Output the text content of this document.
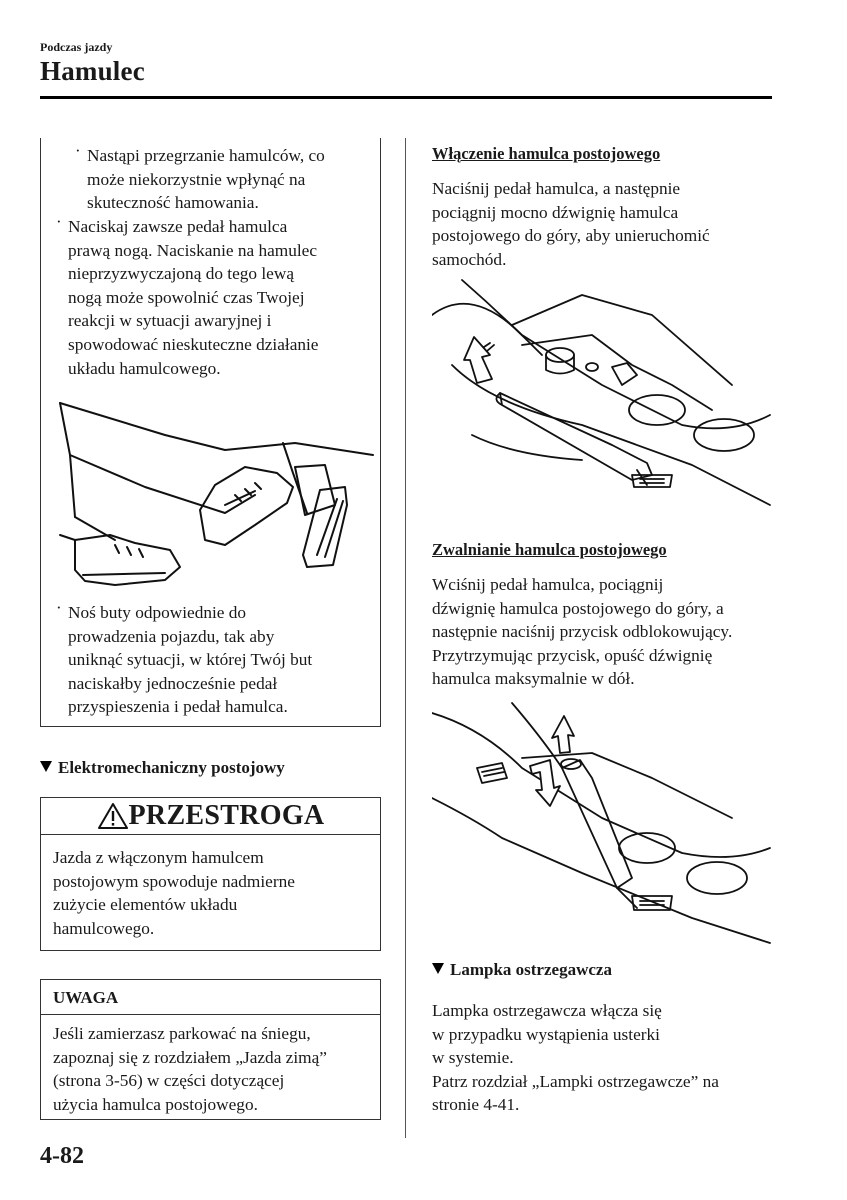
Podczas jazdy
Hamulec
· Nastąpi przegrzanie hamulców, co
może niekorzystnie wpłynąć na
skuteczność hamowania.
· Naciskaj zawsze pedał hamulca
prawą nogą. Naciskanie na hamulec
nieprzyzwyczajoną do tego lewą
nogą może spowolnić czas Twojej
reakcji w sytuacji awaryjnej i
spowodować nieskuteczne działanie
układu hamulcowego.
· Noś buty odpowiednie do
prowadzenia pojazdu, tak aby
uniknąć sytuacji, w której Twój but
naciskałby jednocześnie pedał
przyspieszenia i pedał hamulca.
Elektromechaniczny postojowy
PRZESTROGA
Jazda z włączonym hamulcem
postojowym spowoduje nadmierne
zużycie elementów układu
hamulcowego.
UWAGA
Jeśli zamierzasz parkować na śniegu,
zapoznaj się z rozdziałem „Jazda zimą”
(strona 3-56) w części dotyczącej
użycia hamulca postojowego.
Włączenie hamulca postojowego
Naciśnij pedał hamulca, a następnie
pociągnij mocno dźwignię hamulca
postojowego do góry, aby unieruchomić
samochód.
Zwalnianie hamulca postojowego
Wciśnij pedał hamulca, pociągnij
dźwignię hamulca postojowego do góry, a
następnie naciśnij przycisk odblokowujący.
Przytrzymując przycisk, opuść dźwignię
hamulca maksymalnie w dół.
Lampka ostrzegawcza
Lampka ostrzegawcza włącza się
w przypadku wystąpienia usterki
w systemie.
Patrz rozdział „Lampki ostrzegawcze” na
stronie 4-41.
4-82
